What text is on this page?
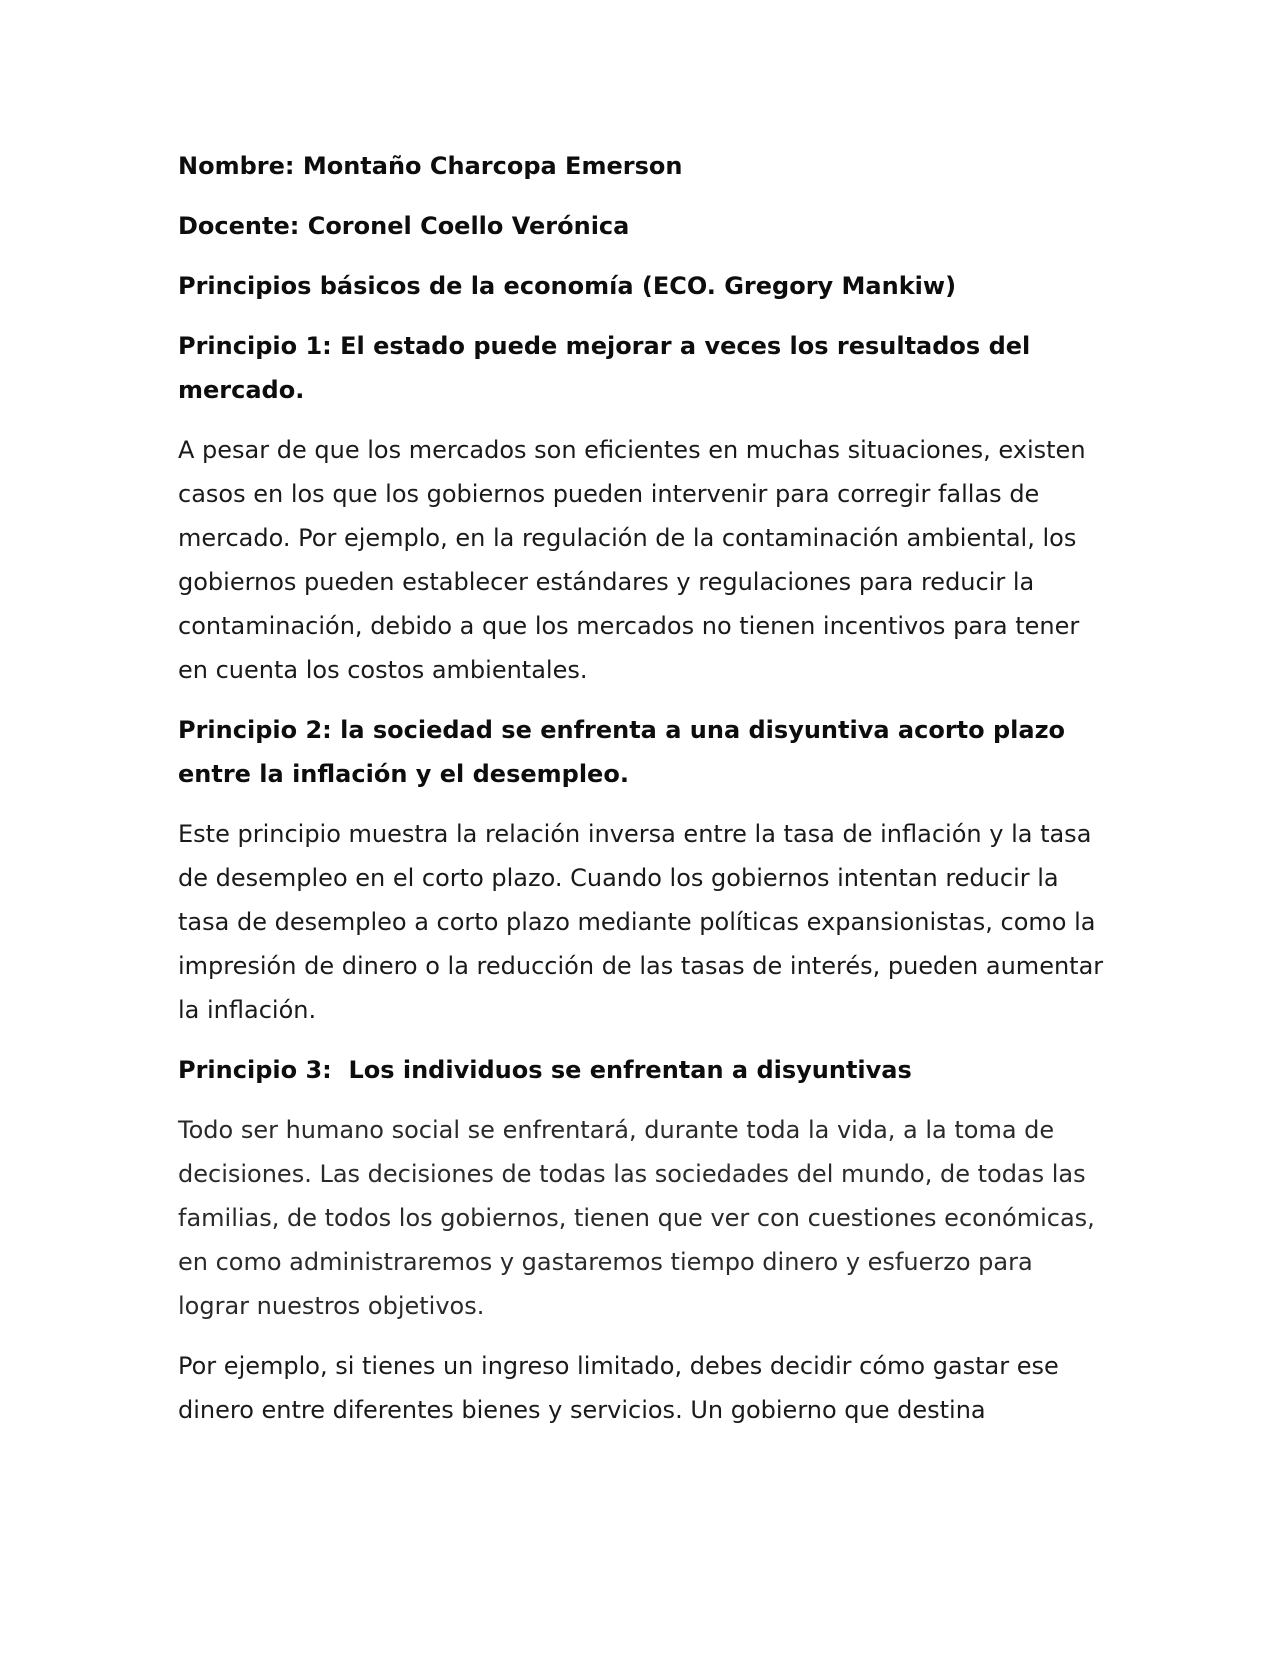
Nombre: Montaño Charcopa Emerson

Docente: Coronel Coello Verónica

Principios básicos de la economía (ECO. Gregory Mankiw)

Principio 1: El estado puede mejorar a veces los resultados del mercado.

A pesar de que los mercados son eficientes en muchas situaciones, existen casos en los que los gobiernos pueden intervenir para corregir fallas de mercado. Por ejemplo, en la regulación de la contaminación ambiental, los gobiernos pueden establecer estándares y regulaciones para reducir la contaminación, debido a que los mercados no tienen incentivos para tener en cuenta los costos ambientales.

Principio 2: la sociedad se enfrenta a una disyuntiva acorto plazo entre la inflación y el desempleo.

Este principio muestra la relación inversa entre la tasa de inflación y la tasa de desempleo en el corto plazo. Cuando los gobiernos intentan reducir la tasa de desempleo a corto plazo mediante políticas expansionistas, como la impresión de dinero o la reducción de las tasas de interés, pueden aumentar la inflación.

Principio 3:  Los individuos se enfrentan a disyuntivas

Todo ser humano social se enfrentará, durante toda la vida, a la toma de decisiones. Las decisiones de todas las sociedades del mundo, de todas las familias, de todos los gobiernos, tienen que ver con cuestiones económicas, en como administraremos y gastaremos tiempo dinero y esfuerzo para lograr nuestros objetivos.

Por ejemplo, si tienes un ingreso limitado, debes decidir cómo gastar ese dinero entre diferentes bienes y servicios. Un gobierno que destina
